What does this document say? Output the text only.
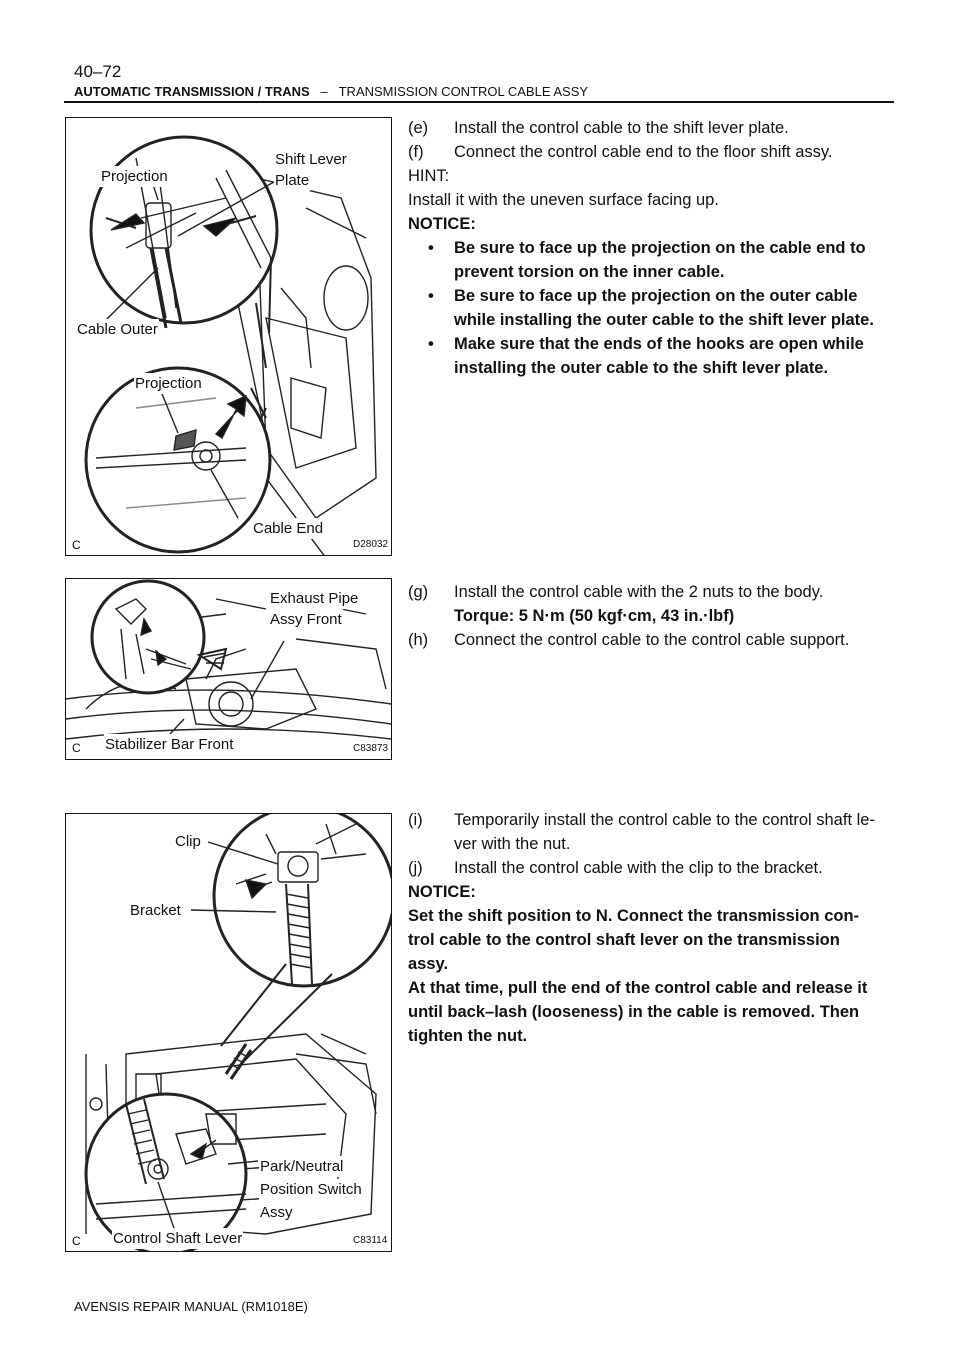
40–72
AUTOMATIC TRANSMISSION / TRANS – TRANSMISSION CONTROL CABLE ASSY
Projection
Shift Lever
Plate
Cable Outer
Projection
Cable End
C	D28032
Exhaust Pipe
Assy Front
Stabilizer Bar Front
C	C83873
Clip
Bracket
Park/Neutral
Position Switch
Assy
Control Shaft Lever
C	C83114

(e) Install the control cable to the shift lever plate.

(f) Connect the control cable end to the floor shift assy.

HINT:

Install it with the uneven surface facing up.

NOTICE:

• Be sure to face up the projection on the cable end to

prevent torsion on the inner cable.

• Be sure to face up the projection on the outer cable

while installing the outer cable to the shift lever plate.

• Make sure that the ends of the hooks are open while

installing the outer cable to the shift lever plate.

(g) Install the control cable with the 2 nuts to the body.

Torque: 5 N·m (50 kgf·cm, 43 in.·lbf)

(h) Connect the control cable to the control cable support.

(i) Temporarily install the control cable to the control shaft le-

ver with the nut.

(j) Install the control cable with the clip to the bracket.

NOTICE:

Set the shift position to N. Connect the transmission con-

trol cable to the control shaft lever on the transmission

assy.

At that time, pull the end of the control cable and release it

until back–lash (looseness) in the cable is removed. Then

tighten the nut.

AVENSIS REPAIR MANUAL (RM1018E)
